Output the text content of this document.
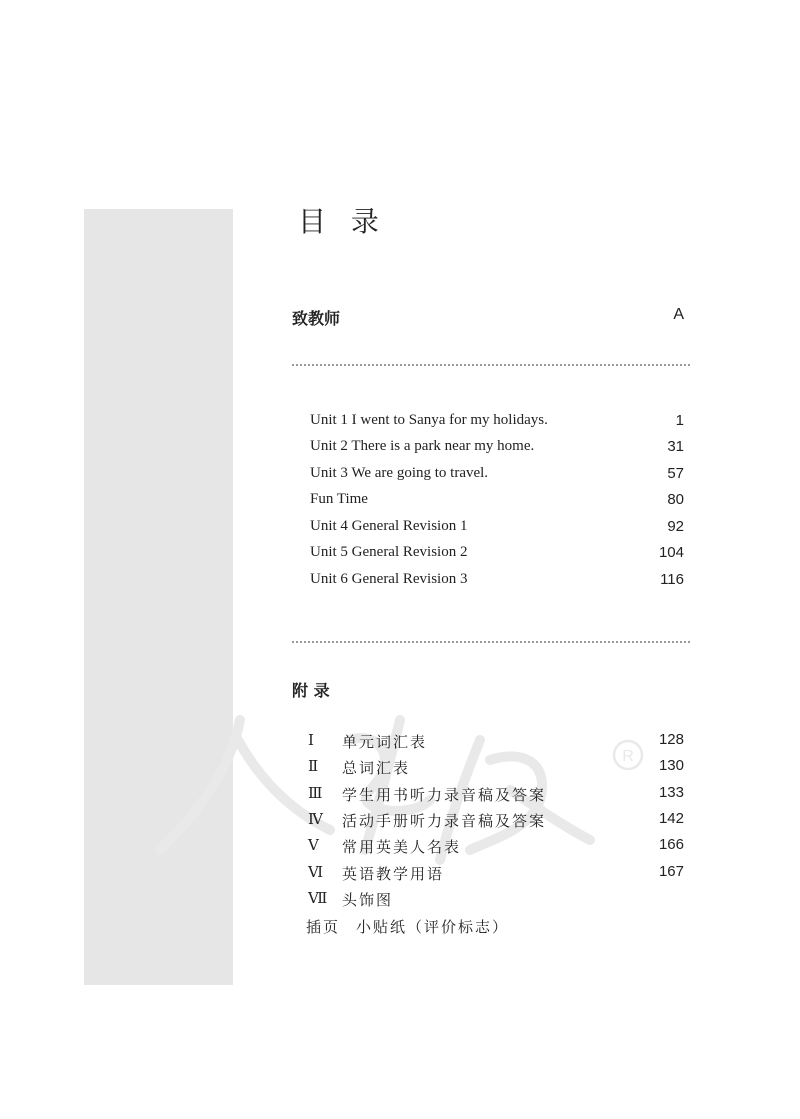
R
目 录
致教师	A
Unit 1 I went to Sanya for my holidays.	1
Unit 2 There is a park near my home.	31
Unit 3 We are going to travel.	57
Fun Time	80
Unit 4 General Revision 1	92
Unit 5 General Revision 2	104
Unit 6 General Revision 3	116
附 录
Ⅰ	单元词汇表	128
Ⅱ	总词汇表	130
Ⅲ	学生用书听力录音稿及答案	133
Ⅳ	活动手册听力录音稿及答案	142
Ⅴ	常用英美人名表	166
Ⅵ	英语教学用语	167
Ⅶ 头饰图
插页 小贴纸（评价标志）
